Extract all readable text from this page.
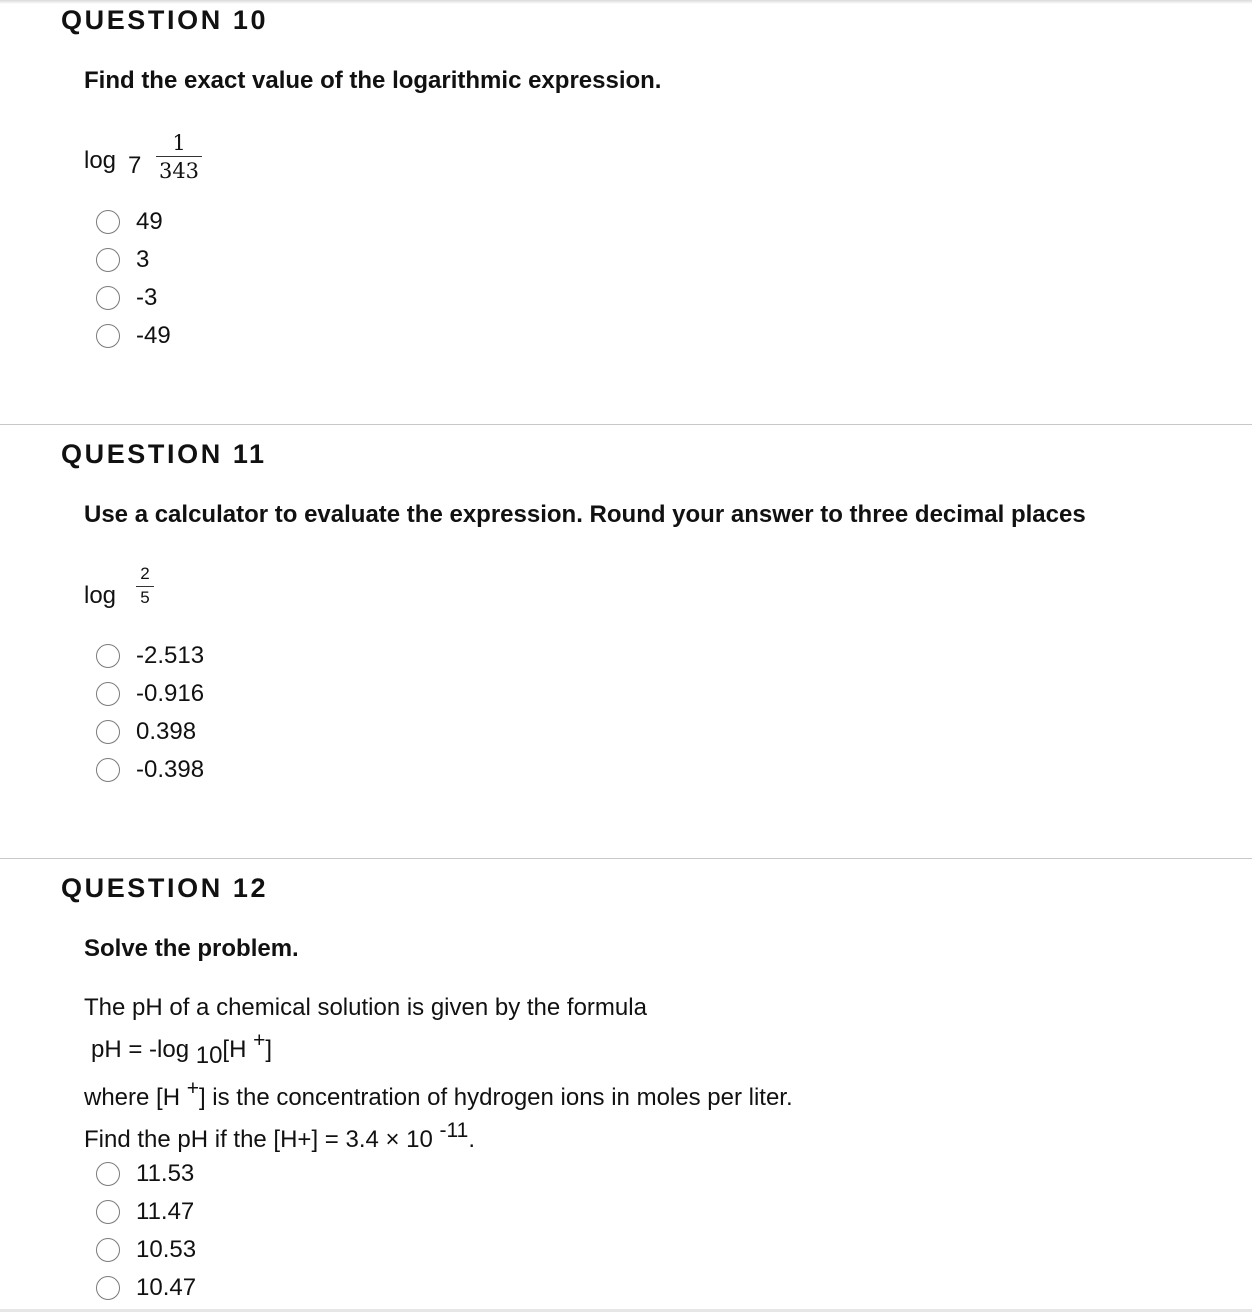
QUESTION 10
Find the exact value of the logarithmic expression.
log 7
1
343
49
3
-3
-49
QUESTION 11
Use a calculator to evaluate the expression. Round your answer to three decimal places
log
2
5
-2.513
-0.916
0.398
-0.398
QUESTION 12
Solve the problem.
The pH of a chemical solution is given by the formula
pH = -log 10[H +]
where [H +] is the concentration of hydrogen ions in moles per liter.
Find the pH if the [H+] = 3.4 × 10 -11.
11.53
11.47
10.53
10.47
